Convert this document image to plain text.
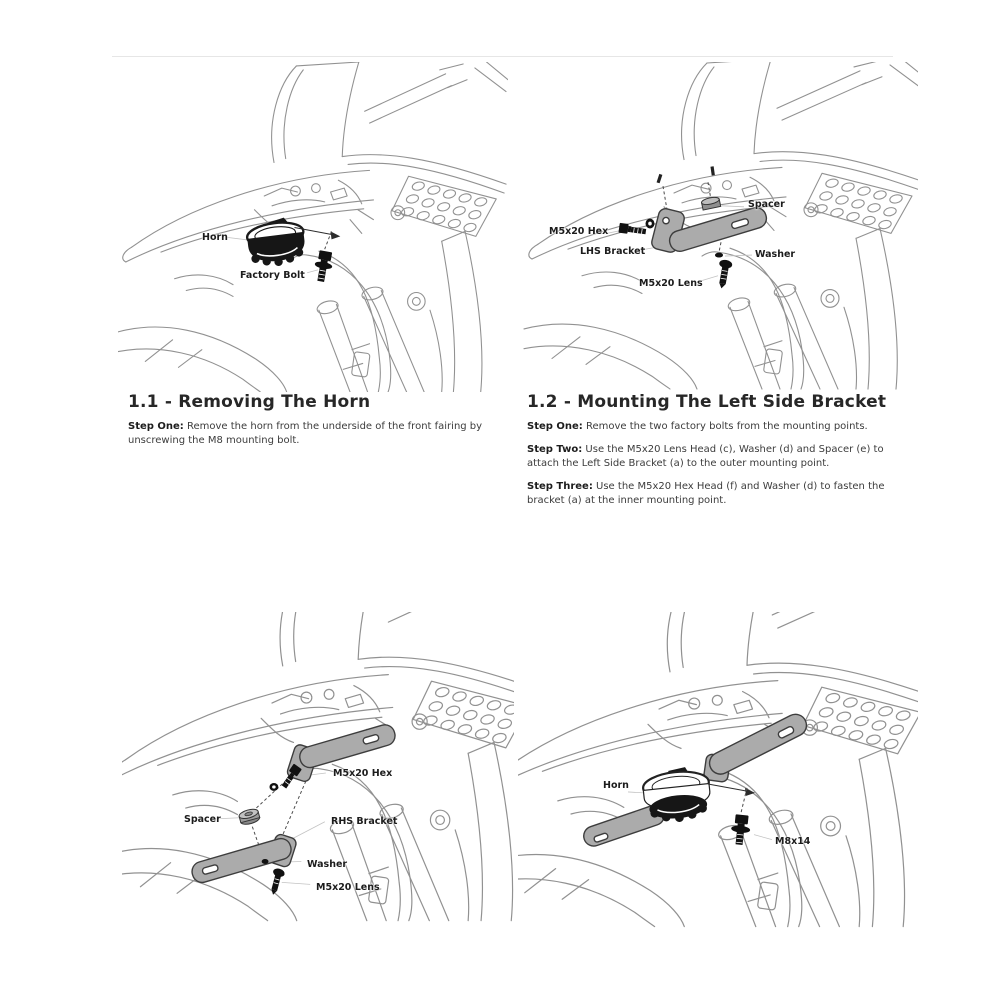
Horn
Factory Bolt
Spacer
M5x20 Hex
LHS Bracket	Washer
M5x20 Lens
1.1 - Removing The Horn

Step One: Remove the horn from the underside of the front fairing by unscrewing the M8 mounting bolt.

1.2 - Mounting The Left Side Bracket

Step One: Remove the two factory bolts from the mounting points.

Step Two: Use the M5x20 Lens Head (c), Washer (d) and Spacer (e) to attach the Left Side Bracket (a) to the outer mounting point.

Step Three: Use the M5x20 Hex Head (f) and Washer (d) to fasten the bracket (a) at the inner mounting point.

M5x20 Hex
Spacer	RHS Bracket
Washer
M5x20 Lens
Horn
M8x14
